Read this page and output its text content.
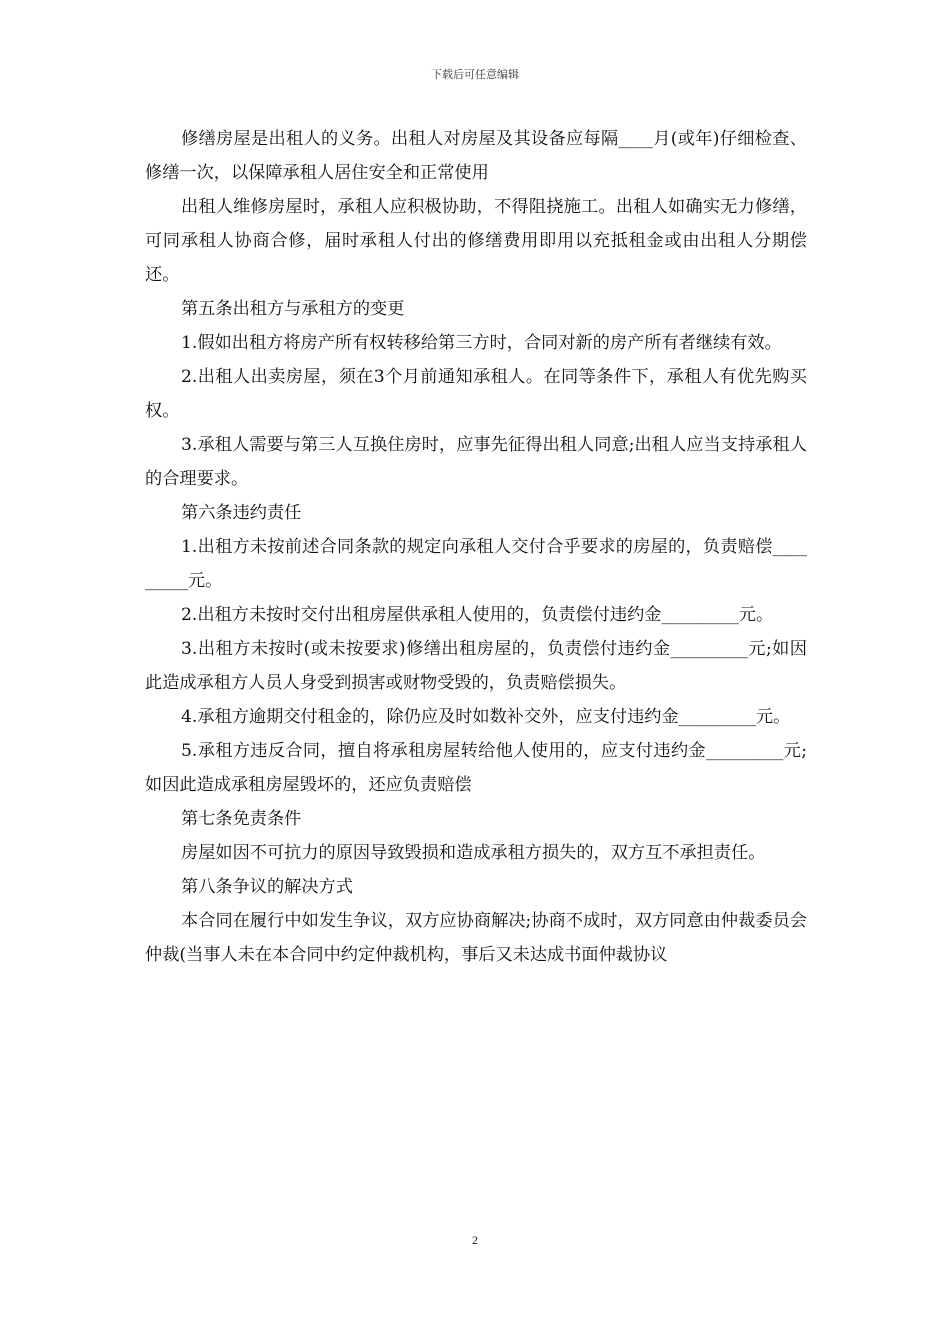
下载后可任意编辑

修缮房屋是出租人的义务。出租人对房屋及其设备应每隔____月(或年)仔细检查、修缮一次，以保障承租人居住安全和正常使用

出租人维修房屋时，承租人应积极协助，不得阻挠施工。出租人如确实无力修缮，可同承租人协商合修，届时承租人付出的修缮费用即用以充抵租金或由出租人分期偿还。

第五条出租方与承租方的变更

1.假如出租方将房产所有权转移给第三方时，合同对新的房产所有者继续有效。

2.出租人出卖房屋，须在3个月前通知承租人。在同等条件下，承租人有优先购买权。

3.承租人需要与第三人互换住房时，应事先征得出租人同意;出租人应当支持承租人的合理要求。

第六条违约责任

1.出租方未按前述合同条款的规定向承租人交付合乎要求的房屋的，负责赔偿_________元。

2.出租方未按时交付出租房屋供承租人使用的，负责偿付违约金_________元。

3.出租方未按时(或未按要求)修缮出租房屋的，负责偿付违约金_________元;如因此造成承租方人员人身受到损害或财物受毁的，负责赔偿损失。

4.承租方逾期交付租金的，除仍应及时如数补交外，应支付违约金_________元。

5.承租方违反合同，擅自将承租房屋转给他人使用的，应支付违约金_________元;如因此造成承租房屋毁坏的，还应负责赔偿

第七条免责条件

房屋如因不可抗力的原因导致毁损和造成承租方损失的，双方互不承担责任。

第八条争议的解决方式

本合同在履行中如发生争议，双方应协商解决;协商不成时，双方同意由仲裁委员会仲裁(当事人未在本合同中约定仲裁机构，事后又未达成书面仲裁协议

2
